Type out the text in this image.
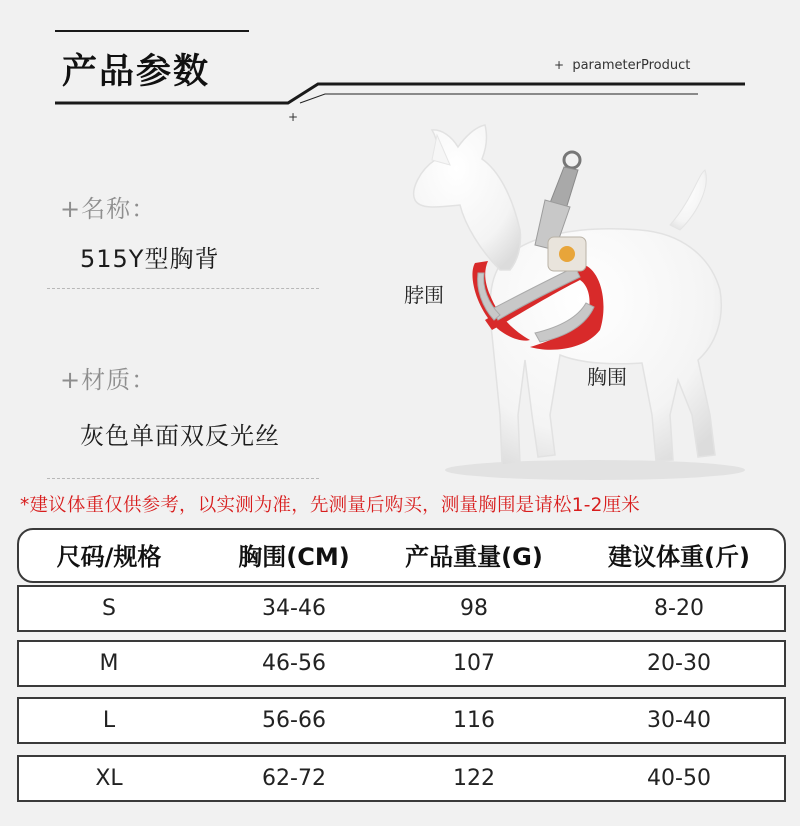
产品参数	+ parameterProduct
+
+名称：
515Y型胸背
+材质：
灰色单面双反光丝
脖围
胸围
*建议体重仅供参考，以实测为准，先测量后购买，测量胸围是请松1-2厘米
尺码/规格	胸围(CM)	产品重量(G)	建议体重(斤)
S	34-46	98	8-20
M	46-56	107	20-30
L	56-66	116	30-40
XL	62-72	122	40-50
